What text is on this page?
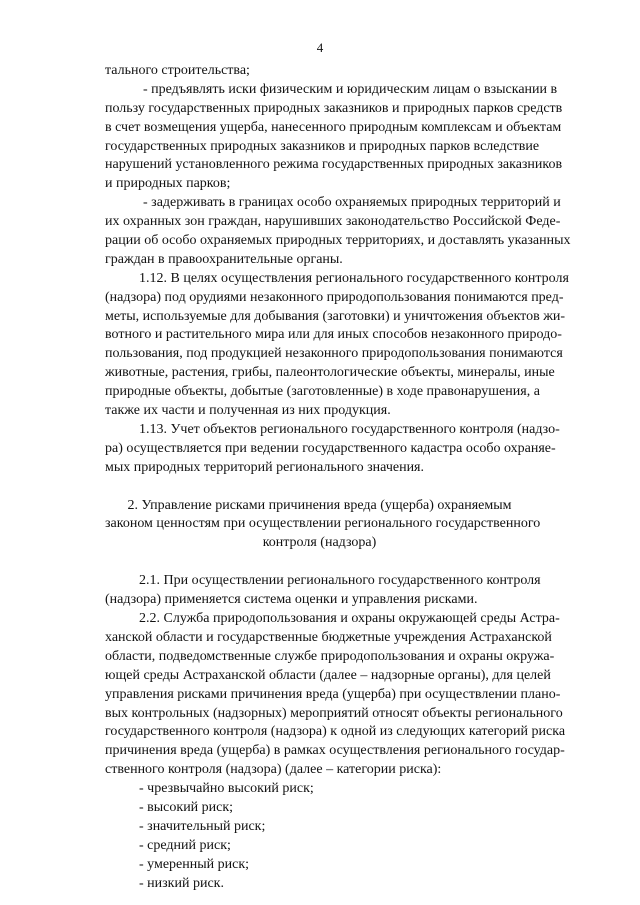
4
тального строительства;
- предъявлять иски физическим и юридическим лицам о взыскании в
пользу государственных природных заказников и природных парков средств
в счет возмещения ущерба, нанесенного природным комплексам и объектам
государственных природных заказников и природных парков вследствие
нарушений установленного режима государственных природных заказников
и природных парков;
- задерживать в границах особо охраняемых природных территорий и
их охранных зон граждан, нарушивших законодательство Российской Феде-
рации об особо охраняемых природных территориях, и доставлять указанных
граждан в правоохранительные органы.
1.12. В целях осуществления регионального государственного контроля
(надзора) под орудиями незаконного природопользования понимаются пред-
меты, используемые для добывания (заготовки) и уничтожения объектов жи-
вотного и растительного мира или для иных способов незаконного природо-
пользования, под продукцией незаконного природопользования понимаются
животные, растения, грибы, палеонтологические объекты, минералы, иные
природные объекты, добытые (заготовленные) в ходе правонарушения, а
также их части и полученная из них продукция.
1.13. Учет объектов регионального государственного контроля (надзо-
ра) осуществляется при ведении государственного кадастра особо охраняе-
мых природных территорий регионального значения.
2. Управление рисками причинения вреда (ущерба) охраняемым
законом ценностям при осуществлении регионального государственного
контроля (надзора)
2.1. При осуществлении регионального государственного контроля
(надзора) применяется система оценки и управления рисками.
2.2. Служба природопользования и охраны окружающей среды Астра-
ханской области и государственные бюджетные учреждения Астраханской
области, подведомственные службе природопользования и охраны окружа-
ющей среды Астраханской области (далее – надзорные органы), для целей
управления рисками причинения вреда (ущерба) при осуществлении плано-
вых контрольных (надзорных) мероприятий относят объекты регионального
государственного контроля (надзора) к одной из следующих категорий риска
причинения вреда (ущерба) в рамках осуществления регионального государ-
ственного контроля (надзора) (далее – категории риска):
- чрезвычайно высокий риск;
- высокий риск;
- значительный риск;
- средний риск;
- умеренный риск;
- низкий риск.
